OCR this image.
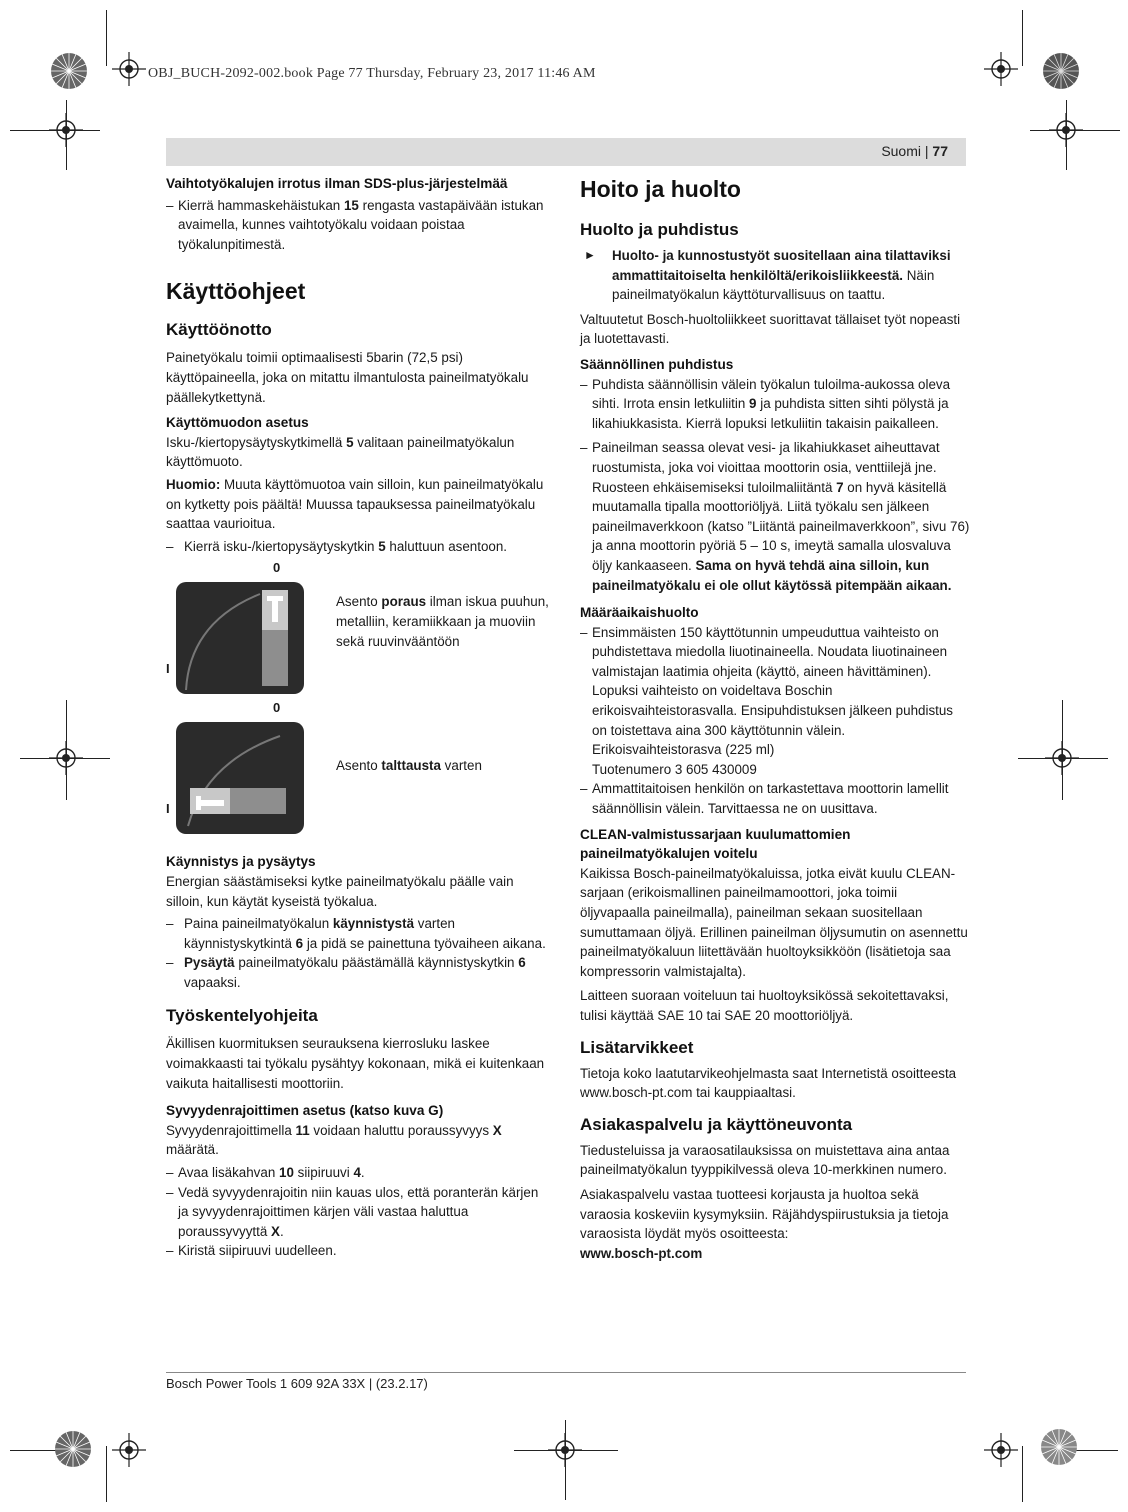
OBJ_BUCH-2092-002.book Page 77 Thursday, February 23, 2017 11:46 AM
Suomi | 77
Vaihtotyökalujen irrotus ilman SDS-plus-järjestelmää
– Kierrä hammaskehäistukan 15 rengasta vastapäivään istukan avaimella, kunnes vaihtotyökalu voidaan poistaa työkalunpitimestä.
Käyttöohjeet
Käyttöönotto

Painetyökalu toimii optimaalisesti 5barin (72,5 psi) käyttöpaineella, joka on mitattu ilmantulosta paineilmatyökalu päällekytkettynä.

Käyttömuodon asetus

Isku-/kiertopysäytyskytkimellä 5 valitaan paineilmatyökalun käyttömuoto.

Huomio: Muuta käyttömuotoa vain silloin, kun paineilmatyökalu on kytketty pois päältä! Muussa tapauksessa paineilmatyökalu saattaa vaurioitua.

– Kierrä isku-/kiertopysäytyskytkin 5 haluttuun asentoon.
0
I
Asento poraus ilman iskua puuhun, metalliin, keramiikkaan ja muoviin sekä ruuvinvääntöön
0
I
Asento talttausta varten
Käynnistys ja pysäytys

Energian säästämiseksi kytke paineilmatyökalu päälle vain silloin, kun käytät kyseistä työkalua.

– Paina paineilmatyökalun käynnistystä varten käynnistyskytkintä 6 ja pidä se painettuna työvaiheen aikana.
– Pysäytä paineilmatyökalu päästämällä käynnistyskytkin 6 vapaaksi.
Työskentelyohjeita

Äkillisen kuormituksen seurauksena kierrosluku laskee voimakkaasti tai työkalu pysähtyy kokonaan, mikä ei kuitenkaan vaikuta haitallisesti moottoriin.

Syvyydenrajoittimen asetus (katso kuva G)

Syvyydenrajoittimella 11 voidaan haluttu poraussyvyys X määrätä.

– Avaa lisäkahvan 10 siipiruuvi 4.
– Vedä syvyydenrajoitin niin kauas ulos, että poranterän kärjen ja syvyydenrajoittimen kärjen väli vastaa haluttua poraussyvyyttä X.
– Kiristä siipiruuvi uudelleen.
Hoito ja huolto
Huolto ja puhdistus
► Huolto- ja kunnostustyöt suositellaan aina tilattaviksi ammattitaitoiselta henkilöltä/erikoisliikkeestä. Näin paineilmatyökalun käyttöturvallisuus on taattu.

Valtuutetut Bosch-huoltoliikkeet suorittavat tällaiset työt nopeasti ja luotettavasti.

Säännöllinen puhdistus
– Puhdista säännöllisin välein työkalun tuloilma-aukossa oleva sihti. Irrota ensin letkuliitin 9 ja puhdista sitten sihti pölystä ja likahiukkasista. Kierrä lopuksi letkuliitin takaisin paikalleen.
– Paineilman seassa olevat vesi- ja likahiukkaset aiheuttavat ruostumista, joka voi vioittaa moottorin osia, venttiilejä jne. Ruosteen ehkäisemiseksi tuloilmaliitäntä 7 on hyvä käsitellä muutamalla tipalla moottoriöljyä. Liitä työkalu sen jälkeen paineilmaverkkoon (katso ”Liitäntä paineilmaverkkoon”, sivu 76) ja anna moottorin pyöriä 5 – 10 s, imeytä samalla ulosvaluva öljy kankaaseen. Sama on hyvä tehdä aina silloin, kun paineilmatyökalu ei ole ollut käytössä pitempään aikaan.
Määräaikaishuolto
– Ensimmäisten 150 käyttötunnin umpeuduttua vaihteisto on puhdistettava miedolla liuotinaineella. Noudata liuotinaineen valmistajan laatimia ohjeita (käyttö, aineen hävittäminen). Lopuksi vaihteisto on voideltava Boschin erikoisvaihteistorasvalla. Ensipuhdistuksen jälkeen puhdistus on toistettava aina 300 käyttötunnin välein.
Erikoisvaihteistorasva (225 ml)
Tuotenumero 3 605 430009
– Ammattitaitoisen henkilön on tarkastettava moottorin lamellit säännöllisin välein. Tarvittaessa ne on uusittava.
CLEAN-valmistussarjaan kuulumattomien paineilmatyökalujen voitelu

Kaikissa Bosch-paineilmatyökaluissa, jotka eivät kuulu CLEAN-sarjaan (erikoismallinen paineilmamoottori, joka toimii öljyvapaalla paineilmalla), paineilman sekaan suositellaan sumuttamaan öljyä. Erillinen paineilman öljysumutin on asennettu paineilmatyökaluun liitettävään huoltoyksikköön (lisätietoja saa kompressorin valmistajalta).

Laitteen suoraan voiteluun tai huoltoyksikössä sekoitettavaksi, tulisi käyttää SAE 10 tai SAE 20 moottoriöljyä.

Lisätarvikkeet

Tietoja koko laatutarvikeohjelmasta saat Internetistä osoitteesta www.bosch-pt.com tai kauppiaaltasi.

Asiakaspalvelu ja käyttöneuvonta

Tiedusteluissa ja varaosatilauksissa on muistettava aina antaa paineilmatyökalun tyyppikilvessä oleva 10-merkkinen numero.

Asiakaspalvelu vastaa tuotteesi korjausta ja huoltoa sekä varaosia koskeviin kysymyksiin. Räjähdyspiirustuksia ja tietoja varaosista löydät myös osoitteesta:

www.bosch-pt.com

Bosch Power Tools 1 609 92A 33X | (23.2.17)
